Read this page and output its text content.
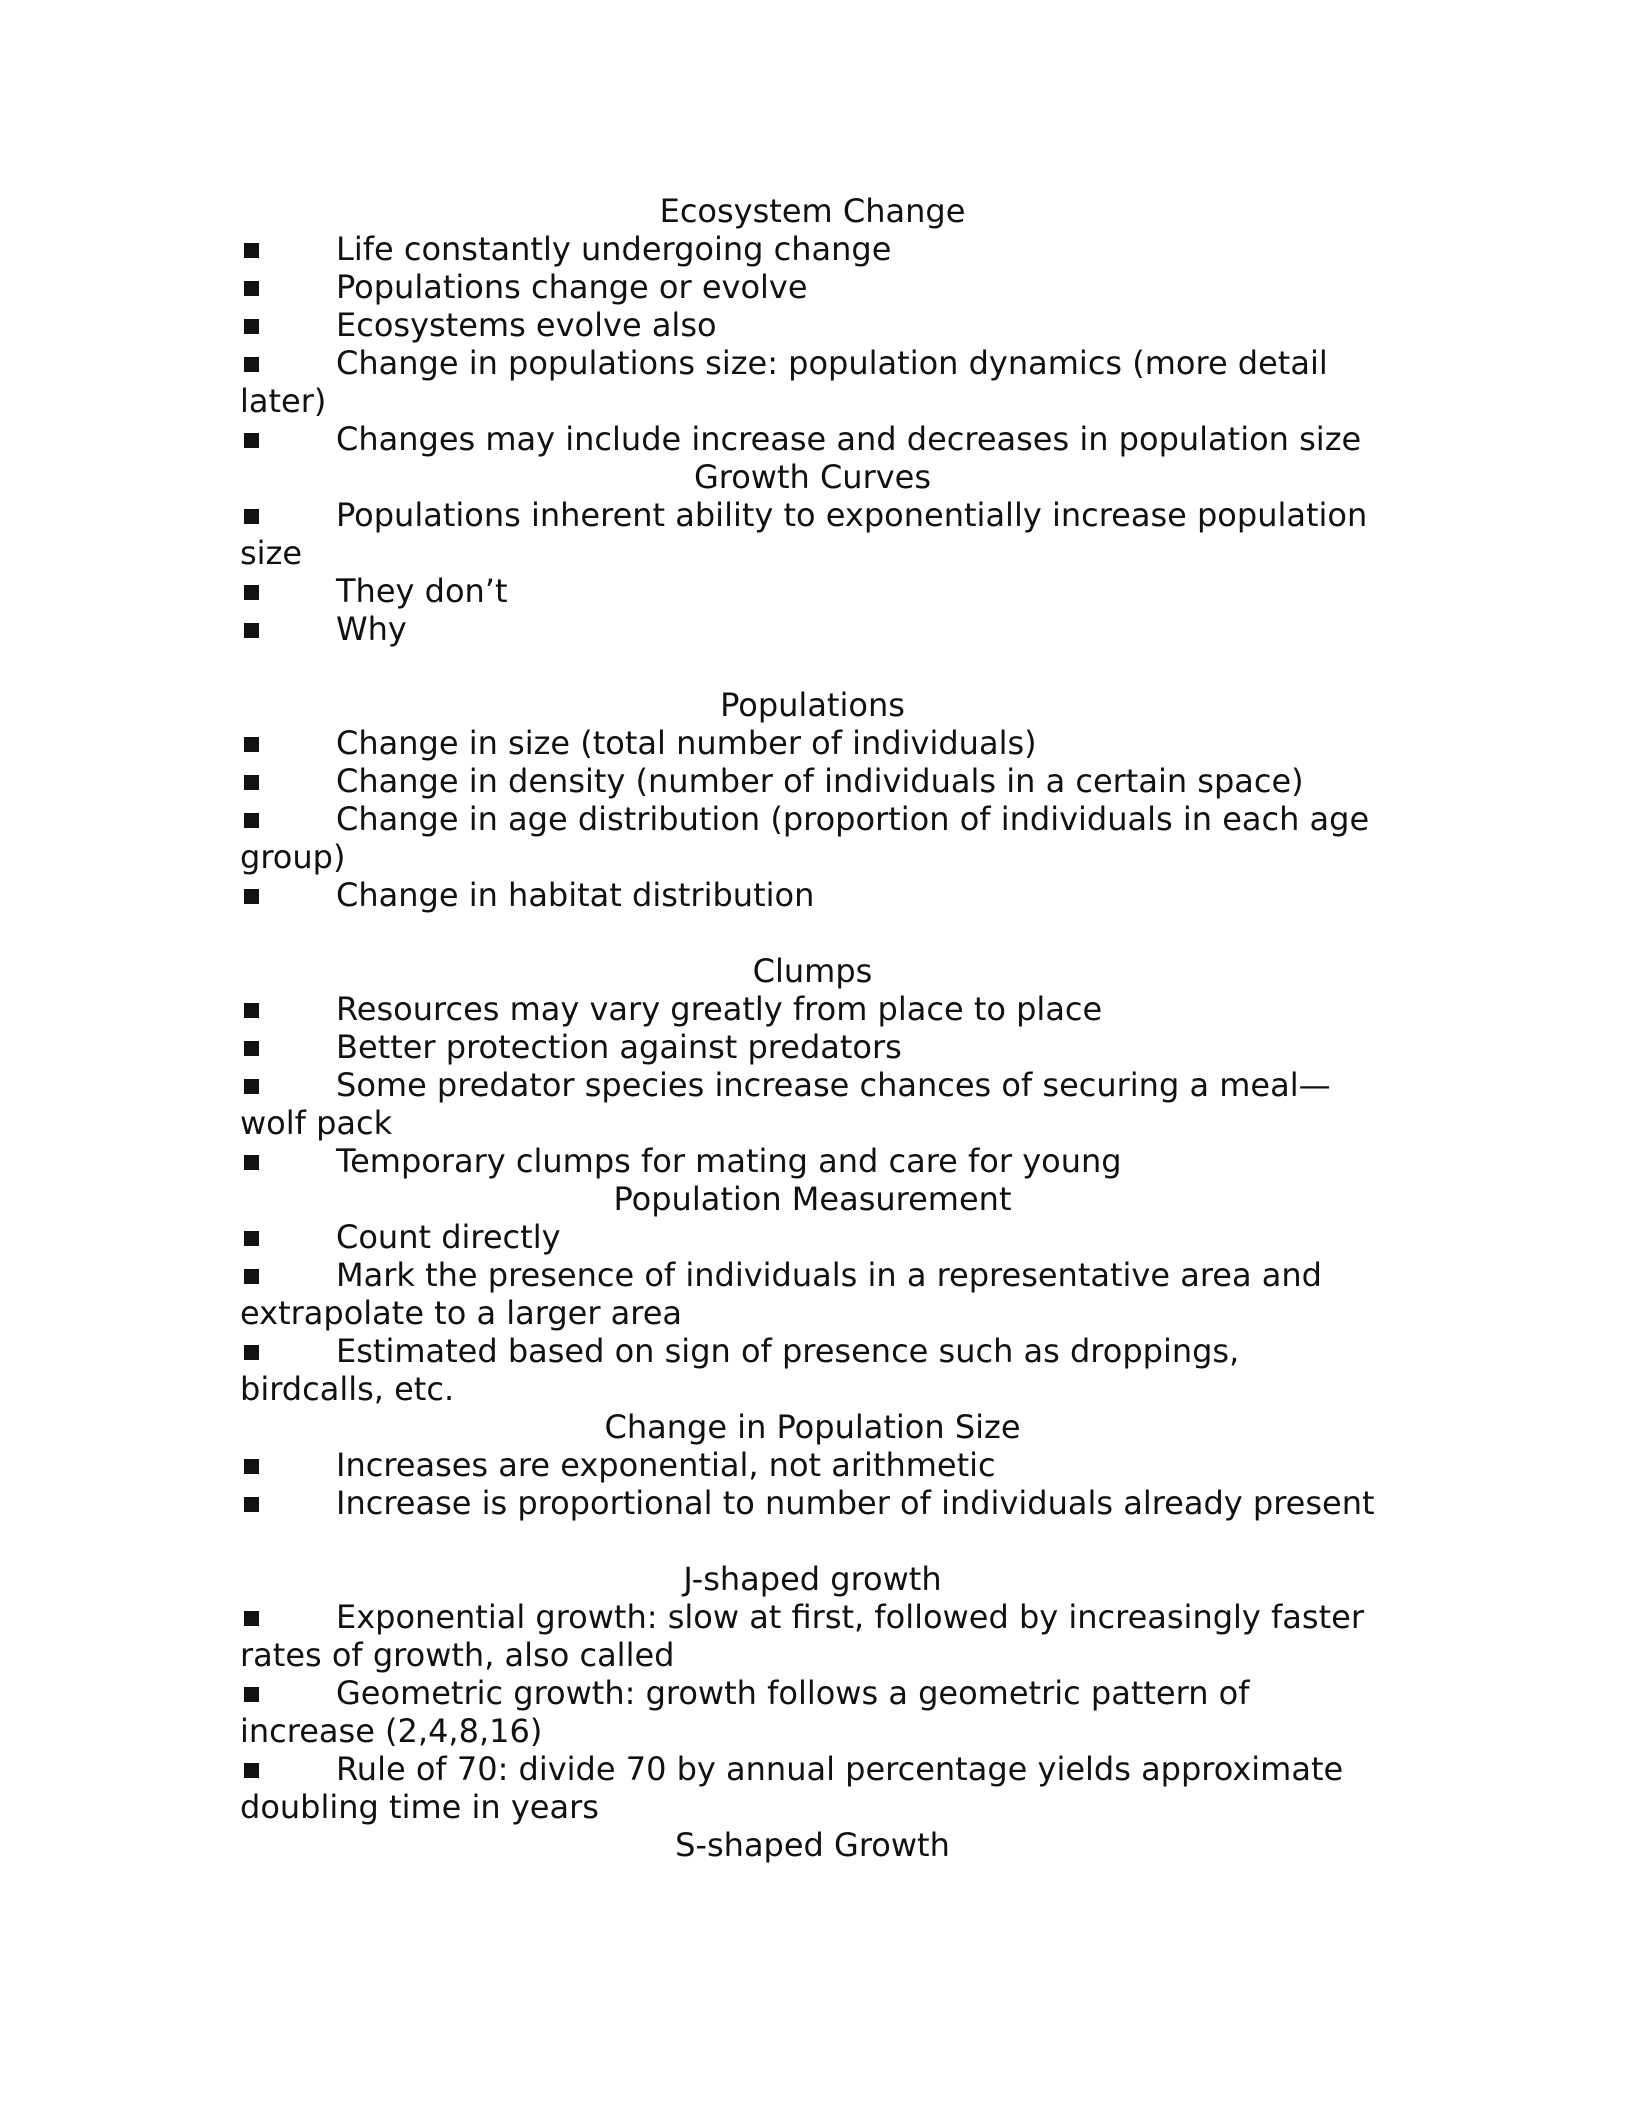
Ecosystem Change
Life constantly undergoing change
Populations change or evolve
Ecosystems evolve also
Change in populations size: population dynamics (more detail
later)
Changes may include increase and decreases in population size
Growth Curves
Populations inherent ability to exponentially increase population
size
They don’t
Why
Populations
Change in size (total number of individuals)
Change in density (number of individuals in a certain space)
Change in age distribution (proportion of individuals in each age
group)
Change in habitat distribution
Clumps
Resources may vary greatly from place to place
Better protection against predators
Some predator species increase chances of securing a meal—
wolf pack
Temporary clumps for mating and care for young
Population Measurement
Count directly
Mark the presence of individuals in a representative area and
extrapolate to a larger area
Estimated based on sign of presence such as droppings,
birdcalls, etc.
Change in Population Size
Increases are exponential, not arithmetic
Increase is proportional to number of individuals already present
J-shaped growth
Exponential growth: slow at first, followed by increasingly faster
rates of growth, also called
Geometric growth: growth follows a geometric pattern of
increase (2,4,8,16)
Rule of 70: divide 70 by annual percentage yields approximate
doubling time in years
S-shaped Growth
